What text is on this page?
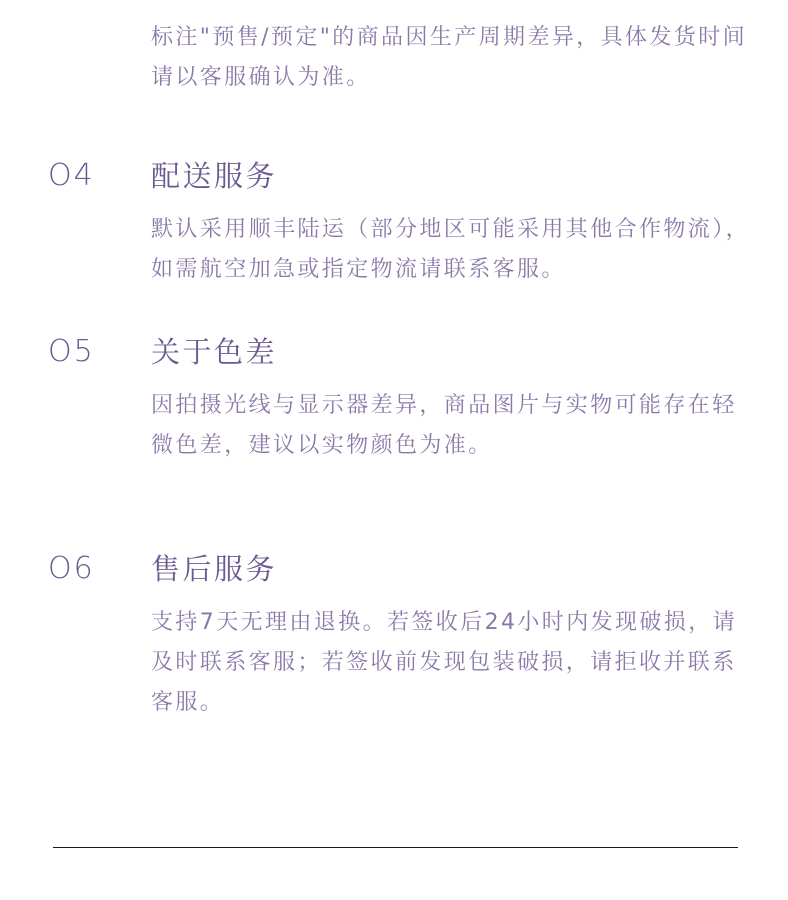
标注"预售/预定"的商品因生产周期差异，具体发货时间请以客服确认为准。

O4 配送服务
默认采用顺丰陆运（部分地区可能采用其他合作物流），如需航空加急或指定物流请联系客服。
O5 关于色差
因拍摄光线与显示器差异，商品图片与实物可能存在轻微色差，建议以实物颜色为准。
O6 售后服务
支持7天无理由退换。若签收后24小时内发现破损，请及时联系客服；若签收前发现包装破损，请拒收并联系客服。
